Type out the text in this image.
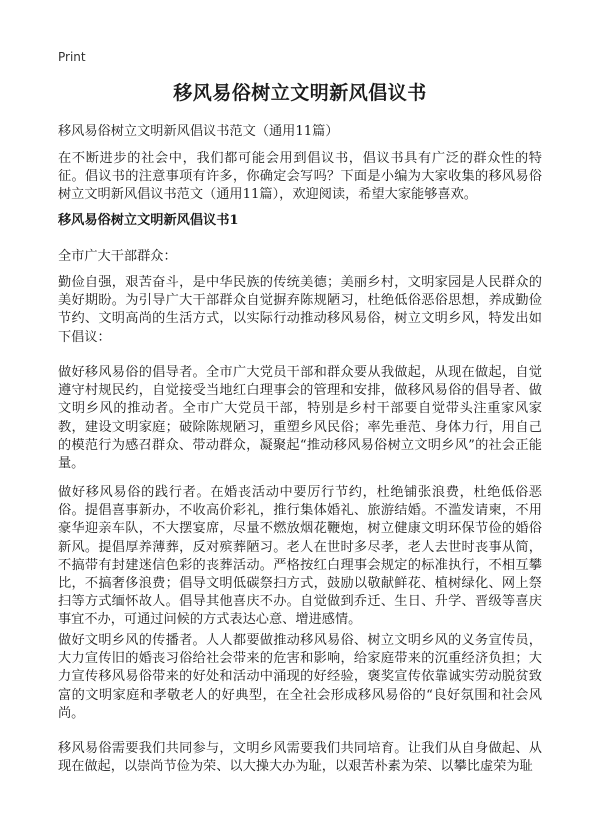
Print
移风易俗树立文明新风倡议书
移风易俗树立文明新风倡议书范文（通用11篇）

在不断进步的社会中，我们都可能会用到倡议书，倡议书具有广泛的群众性的特征。倡议书的注意事项有许多，你确定会写吗？下面是小编为大家收集的移风易俗树立文明新风倡议书范文（通用11篇），欢迎阅读，希望大家能够喜欢。

移风易俗树立文明新风倡议书1
全市广大干部群众：

勤俭自强，艰苦奋斗，是中华民族的传统美德；美丽乡村，文明家园是人民群众的美好期盼。为引导广大干部群众自觉摒弃陈规陋习，杜绝低俗恶俗思想，养成勤俭节约、文明高尚的生活方式，以实际行动推动移风易俗，树立文明乡风，特发出如下倡议：

做好移风易俗的倡导者。全市广大党员干部和群众要从我做起，从现在做起，自觉遵守村规民约，自觉接受当地红白理事会的管理和安排，做移风易俗的倡导者、做文明乡风的推动者。全市广大党员干部，特别是乡村干部要自觉带头注重家风家教，建设文明家庭；破除陈规陋习，重塑乡风民俗；率先垂范、身体力行，用自己的模范行为感召群众、带动群众，凝聚起“推动移风易俗树立文明乡风”的社会正能量。

做好移风易俗的践行者。在婚丧活动中要厉行节约，杜绝铺张浪费，杜绝低俗恶俗。提倡喜事新办，不收高价彩礼，推行集体婚礼、旅游结婚。不滥发请柬，不用豪华迎亲车队，不大摆宴席，尽量不燃放烟花鞭炮，树立健康文明环保节俭的婚俗新风。提倡厚养薄葬，反对殡葬陋习。老人在世时多尽孝，老人去世时丧事从简，不搞带有封建迷信色彩的丧葬活动。严格按红白理事会规定的标准执行，不相互攀比，不搞奢侈浪费；倡导文明低碳祭扫方式，鼓励以敬献鲜花、植树绿化、网上祭扫等方式缅怀故人。倡导其他喜庆不办。自觉做到乔迁、生日、升学、晋级等喜庆事宜不办，可通过问候的方式表达心意、增进感情。

做好文明乡风的传播者。人人都要做推动移风易俗、树立文明乡风的义务宣传员，大力宣传旧的婚丧习俗给社会带来的危害和影响，给家庭带来的沉重经济负担；大力宣传移风易俗带来的好处和活动中涌现的好经验，褒奖宣传依靠诚实劳动脱贫致富的文明家庭和孝敬老人的好典型，在全社会形成移风易俗的“良好氛围和社会风尚。

移风易俗需要我们共同参与，文明乡风需要我们共同培育。让我们从自身做起、从现在做起，以崇尚节俭为荣、以大操大办为耻，以艰苦朴素为荣、以攀比虚荣为耻
